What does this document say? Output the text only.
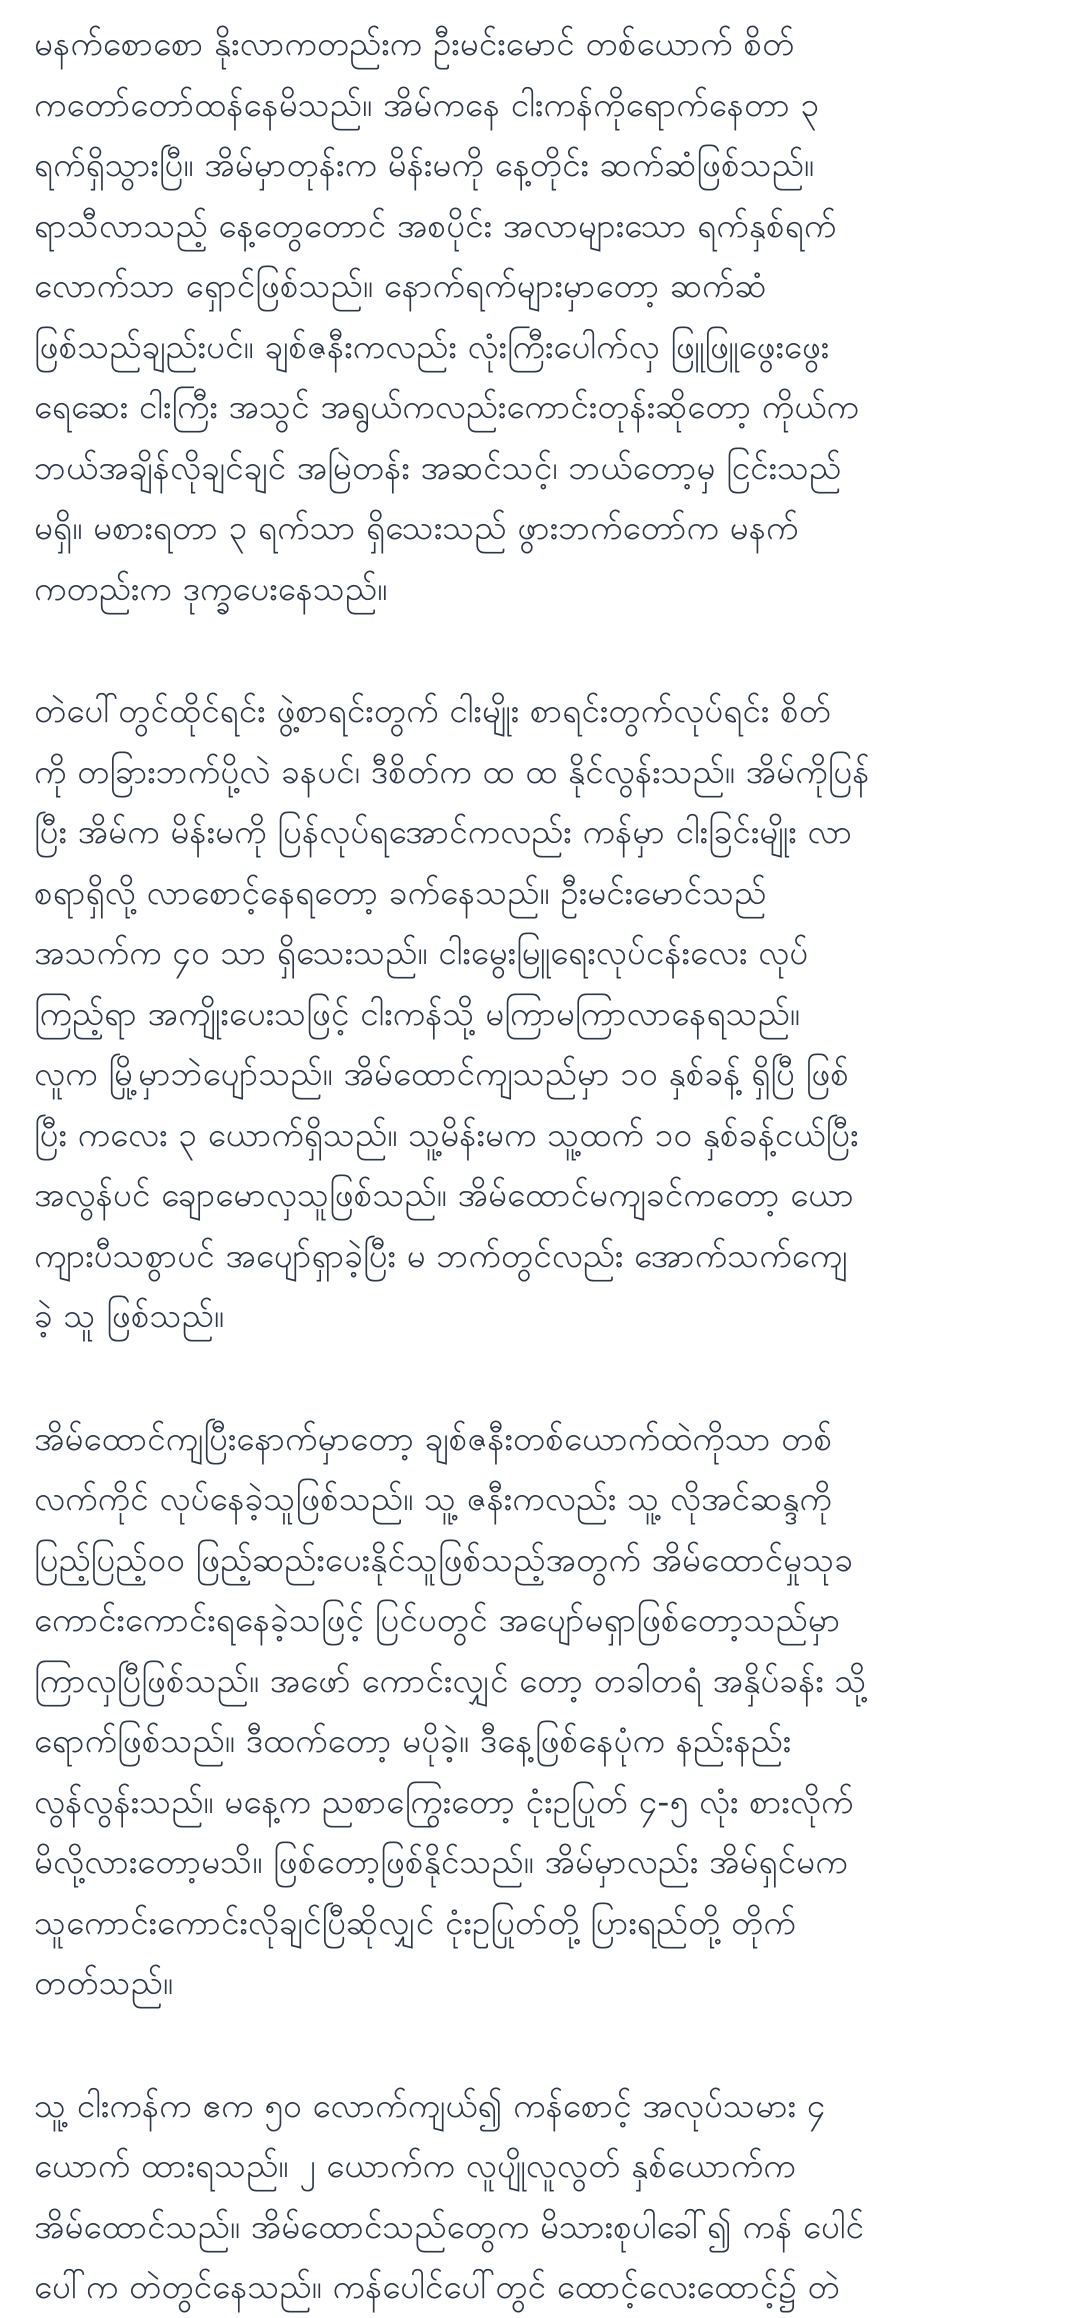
မနက်စောစော နိုးလာကတည်းက ဦးမင်းမောင် တစ်ယောက် စိတ်
ကတော်တော်ထန်နေမိသည်။ အိမ်ကနေ ငါးကန်ကိုရောက်နေတာ ၃
ရက်ရှိသွားပြီ။ အိမ်မှာတုန်းက မိန်းမကို နေ့တိုင်း ဆက်ဆံဖြစ်သည်။
ရာသီလာသည့် နေ့တွေတောင် အစပိုင်း အလာများသော ရက်နှစ်ရက်
လောက်သာ ရှောင်ဖြစ်သည်။ နောက်ရက်များမှာတော့ ဆက်ဆံ
ဖြစ်သည်ချည်းပင်။ ချစ်ဇနီးကလည်း လုံးကြီးပေါက်လှ ဖြူဖြူဖွေးဖွေး
ရေဆေး ငါးကြီး အသွင် အရွယ်ကလည်းကောင်းတုန်းဆိုတော့ ကိုယ်က
ဘယ်အချိန်လိုချင်ချင် အမြဲတန်း အဆင်သင့်၊ ဘယ်တော့မှ ငြင်းသည်
မရှိ။ မစားရတာ ၃ ရက်သာ ရှိသေးသည် ဖွားဘက်တော်က မနက်
ကတည်းက ဒုက္ခပေးနေသည်။

တဲပေါ်တွင်ထိုင်ရင်း ဖွဲ့စာရင်းတွက် ငါးမျိုး စာရင်းတွက်လုပ်ရင်း စိတ်
ကို တခြားဘက်ပို့လဲ ခနပင်၊ ဒီစိတ်က ထ ထ နိုင်လွန်းသည်။ အိမ်ကိုပြန်
ပြီး အိမ်က မိန်းမကို ပြန်လုပ်ရအောင်ကလည်း ကန်မှာ ငါးခြင်းမျိုး လာ
စရာရှိလို့ လာစောင့်နေရတော့ ခက်နေသည်။ ဦးမင်းမောင်သည်
အသက်က ၄၀ သာ ရှိသေးသည်။ ငါးမွေးမြူရေးလုပ်ငန်းလေး လုပ်
ကြည့်ရာ အကျိုးပေးသဖြင့် ငါးကန်သို့ မကြာမကြာလာနေရသည်။
လူက မြို့မှာဘဲပျော်သည်။ အိမ်ထောင်ကျသည်မှာ ၁၀ နှစ်ခန့် ရှိပြီ ဖြစ်
ပြီး ကလေး ၃ ယောက်ရှိသည်။ သူ့မိန်းမက သူ့ထက် ၁၀ နှစ်ခန့်ငယ်ပြီး
အလွန်ပင် ချောမောလှသူဖြစ်သည်။ အိမ်ထောင်မကျခင်ကတော့ ယော
ကျားပီသစွာပင် အပျော်ရှာခဲ့ပြီး မ ဘက်တွင်လည်း အောက်သက်ကျေ
ခဲ့ သူ ဖြစ်သည်။

အိမ်ထောင်ကျပြီးနောက်မှာတော့ ချစ်ဇနီးတစ်ယောက်ထဲကိုသာ တစ်
လက်ကိုင် လုပ်နေခဲ့သူဖြစ်သည်။ သူ့ ဇနီးကလည်း သူ့ လိုအင်ဆန္ဒကို
ပြည့်ပြည့်ဝဝ ဖြည့်ဆည်းပေးနိုင်သူဖြစ်သည့်အတွက် အိမ်ထောင်မှုသုခ
ကောင်းကောင်းရနေခဲ့သဖြင့် ပြင်ပတွင် အပျော်မရှာဖြစ်တော့သည်မှာ
ကြာလှပြီဖြစ်သည်။ အဖော် ကောင်းလျှင် တော့ တခါတရံ အနှိပ်ခန်း သို့
ရောက်ဖြစ်သည်။ ဒီထက်တော့ မပိုခဲ့။ ဒီနေ့ဖြစ်နေပုံက နည်းနည်း
လွန်လွန်းသည်။ မနေ့က ညစာကြွေးတော့ ငုံးဥပြုတ် ၄-၅ လုံး စားလိုက်
မိလို့လားတော့မသိ။ ဖြစ်တော့ဖြစ်နိုင်သည်။ အိမ်မှာလည်း အိမ်ရှင်မက
သူကောင်းကောင်းလိုချင်ပြီဆိုလျှင် ငုံးဥပြုတ်တို့ ပြားရည်တို့ တိုက်
တတ်သည်။

သူ့ ငါးကန်က ဧက ၅၀ လောက်ကျယ်၍ ကန်စောင့် အလုပ်သမား ၄
ယောက် ထားရသည်။ ၂ ယောက်က လူပျိုလူလွတ် နှစ်ယောက်က
အိမ်ထောင်သည်။ အိမ်ထောင်သည်တွေက မိသားစုပါခေါ်၍ ကန် ပေါင်
ပေါ်က တဲတွင်နေသည်။ ကန်ပေါင်ပေါ်တွင် ထောင့်လေးထောင့်၌ တဲ
